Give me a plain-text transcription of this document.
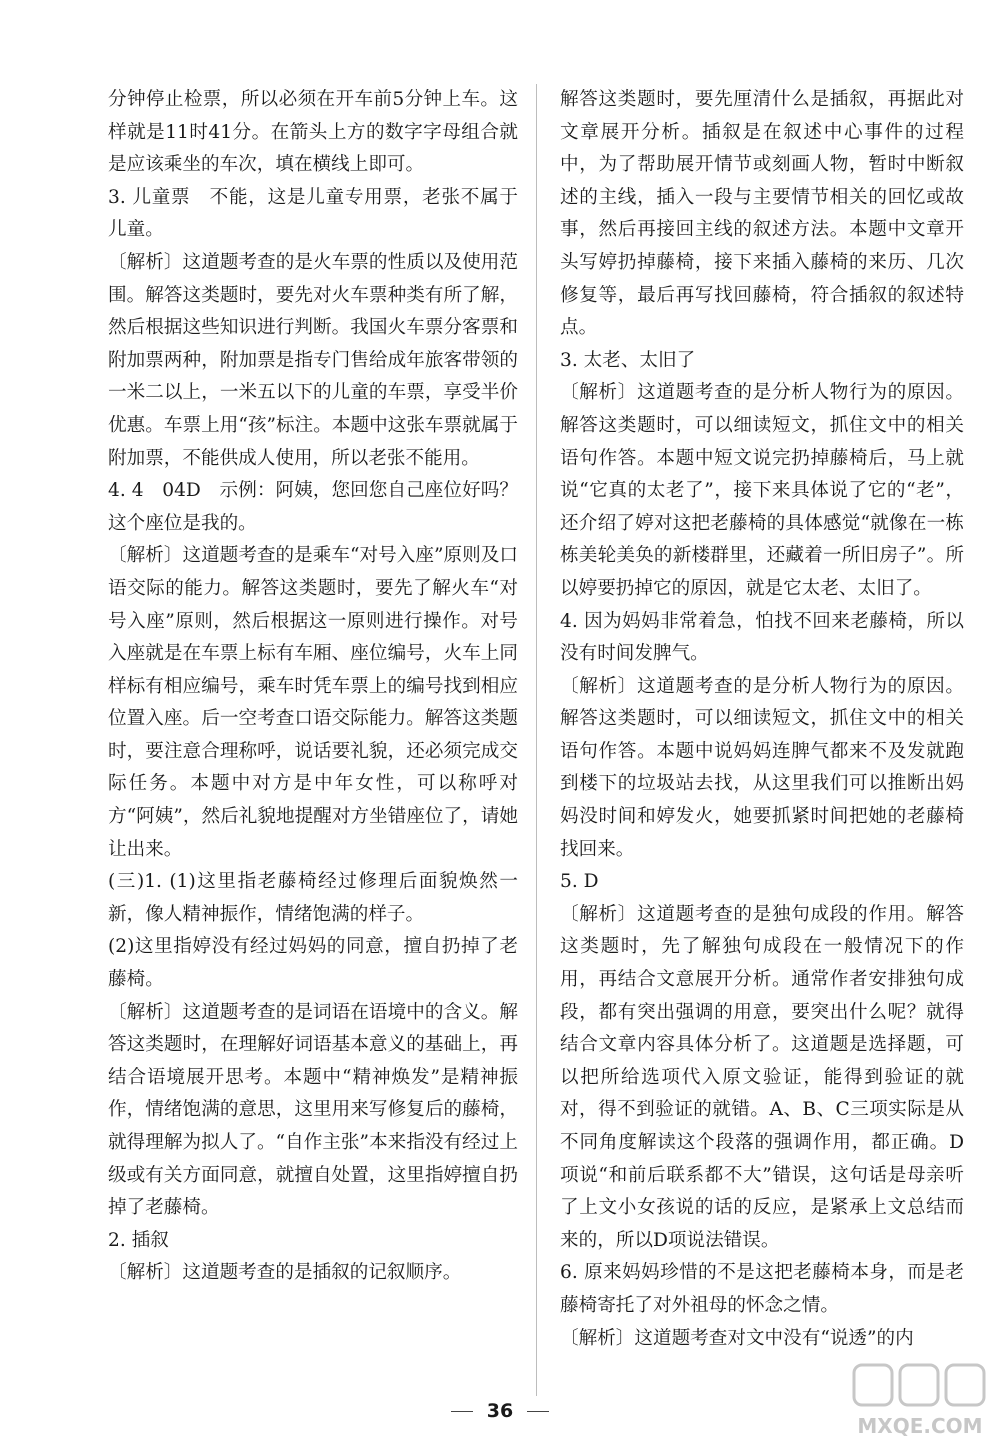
分钟停止检票，所以必须在开车前5分钟上车。这样就是11时41分。在箭头上方的数字字母组合就是应该乘坐的车次，填在横线上即可。

3. 儿童票　不能，这是儿童专用票，老张不属于儿童。

〔解析〕这道题考查的是火车票的性质以及使用范围。解答这类题时，要先对火车票种类有所了解，然后根据这些知识进行判断。我国火车票分客票和附加票两种，附加票是指专门售给成年旅客带领的一米二以上，一米五以下的儿童的车票，享受半价优惠。车票上用“孩”标注。本题中这张车票就属于附加票，不能供成人使用，所以老张不能用。

4. 4　04D　示例：阿姨，您回您自己座位好吗？这个座位是我的。

〔解析〕这道题考查的是乘车“对号入座”原则及口语交际的能力。解答这类题时，要先了解火车“对号入座”原则，然后根据这一原则进行操作。对号入座就是在车票上标有车厢、座位编号，火车上同样标有相应编号，乘车时凭车票上的编号找到相应位置入座。后一空考查口语交际能力。解答这类题时，要注意合理称呼，说话要礼貌，还必须完成交际任务。本题中对方是中年女性，可以称呼对方“阿姨”，然后礼貌地提醒对方坐错座位了，请她让出来。

(三)1. (1)这里指老藤椅经过修理后面貌焕然一新，像人精神振作，情绪饱满的样子。

(2)这里指婷没有经过妈妈的同意，擅自扔掉了老藤椅。

〔解析〕这道题考查的是词语在语境中的含义。解答这类题时，在理解好词语基本意义的基础上，再结合语境展开思考。本题中“精神焕发”是精神振作，情绪饱满的意思，这里用来写修复后的藤椅，就得理解为拟人了。“自作主张”本来指没有经过上级或有关方面同意，就擅自处置，这里指婷擅自扔掉了老藤椅。

2. 插叙

〔解析〕这道题考查的是插叙的记叙顺序。

解答这类题时，要先厘清什么是插叙，再据此对文章展开分析。插叙是在叙述中心事件的过程中，为了帮助展开情节或刻画人物，暂时中断叙述的主线，插入一段与主要情节相关的回忆或故事，然后再接回主线的叙述方法。本题中文章开头写婷扔掉藤椅，接下来插入藤椅的来历、几次修复等，最后再写找回藤椅，符合插叙的叙述特点。

3. 太老、太旧了

〔解析〕这道题考查的是分析人物行为的原因。解答这类题时，可以细读短文，抓住文中的相关语句作答。本题中短文说完扔掉藤椅后，马上就说“它真的太老了”，接下来具体说了它的“老”，还介绍了婷对这把老藤椅的具体感觉“就像在一栋栋美轮美奂的新楼群里，还藏着一所旧房子”。所以婷要扔掉它的原因，就是它太老、太旧了。

4. 因为妈妈非常着急，怕找不回来老藤椅，所以没有时间发脾气。

〔解析〕这道题考查的是分析人物行为的原因。解答这类题时，可以细读短文，抓住文中的相关语句作答。本题中说妈妈连脾气都来不及发就跑到楼下的垃圾站去找，从这里我们可以推断出妈妈没时间和婷发火，她要抓紧时间把她的老藤椅找回来。

5. D

〔解析〕这道题考查的是独句成段的作用。解答这类题时，先了解独句成段在一般情况下的作用，再结合文意展开分析。通常作者安排独句成段，都有突出强调的用意，要突出什么呢？就得结合文章内容具体分析了。这道题是选择题，可以把所给选项代入原文验证，能得到验证的就对，得不到验证的就错。A、B、C三项实际是从不同角度解读这个段落的强调作用，都正确。D项说“和前后联系都不大”错误，这句话是母亲听了上文小女孩说的话的反应，是紧承上文总结而来的，所以D项说法错误。

6. 原来妈妈珍惜的不是这把老藤椅本身，而是老藤椅寄托了对外祖母的怀念之情。

〔解析〕这道题考查对文中没有“说透”的内

36
MXQE.COM
